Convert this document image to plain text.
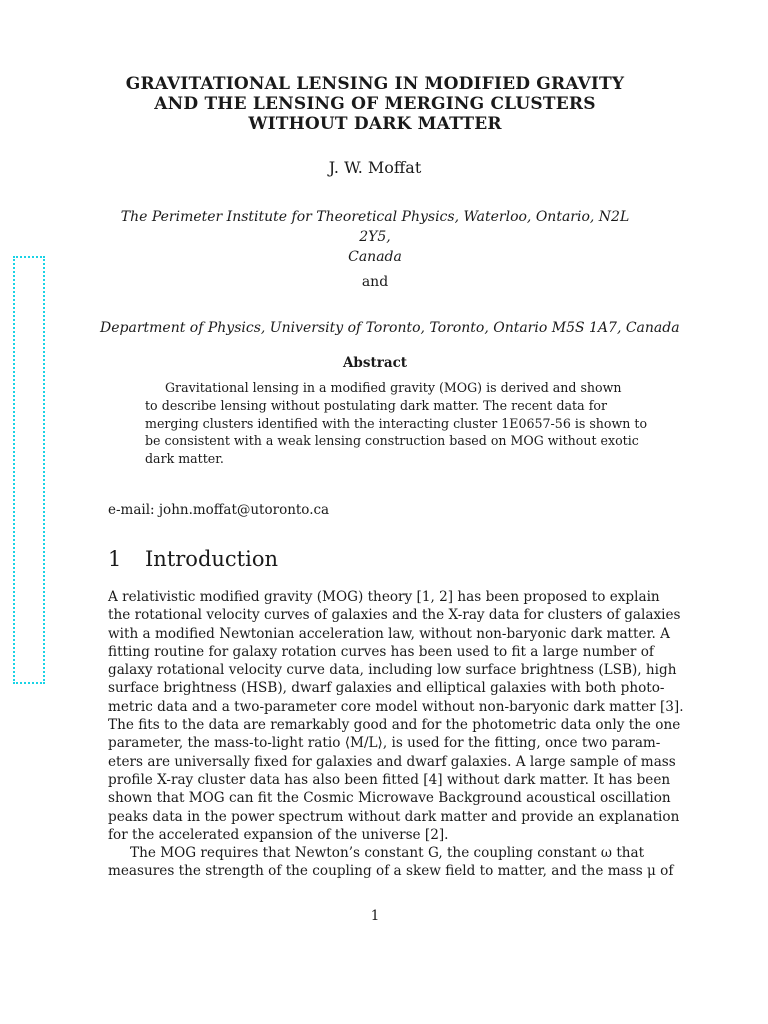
GRAVITATIONAL LENSING IN MODIFIED GRAVITY
AND THE LENSING OF MERGING CLUSTERS
WITHOUT DARK MATTER
J. W. Moffat
The Perimeter Institute for Theoretical Physics, Waterloo, Ontario, N2L 2Y5,
Canada
and
Department of Physics, University of Toronto, Toronto, Ontario M5S 1A7, Canada
Abstract
Gravitational lensing in a modified gravity (MOG) is derived and shown
to describe lensing without postulating dark matter. The recent data for
merging clusters identified with the interacting cluster 1E0657-56 is shown to
be consistent with a weak lensing construction based on MOG without exotic
dark matter.
e-mail: john.moffat@utoronto.ca
1 Introduction
A relativistic modified gravity (MOG) theory [1, 2] has been proposed to explain
the rotational velocity curves of galaxies and the X-ray data for clusters of galaxies
with a modified Newtonian acceleration law, without non-baryonic dark matter. A
fitting routine for galaxy rotation curves has been used to fit a large number of
galaxy rotational velocity curve data, including low surface brightness (LSB), high
surface brightness (HSB), dwarf galaxies and elliptical galaxies with both photo-
metric data and a two-parameter core model without non-baryonic dark matter [3].
The fits to the data are remarkably good and for the photometric data only the one
parameter, the mass-to-light ratio ⟨M/L⟩, is used for the fitting, once two param-
eters are universally fixed for galaxies and dwarf galaxies. A large sample of mass
profile X-ray cluster data has also been fitted [4] without dark matter. It has been
shown that MOG can fit the Cosmic Microwave Background acoustical oscillation
peaks data in the power spectrum without dark matter and provide an explanation
for the accelerated expansion of the universe [2].
The MOG requires that Newton’s constant G, the coupling constant ω that
measures the strength of the coupling of a skew field to matter, and the mass μ of
1
